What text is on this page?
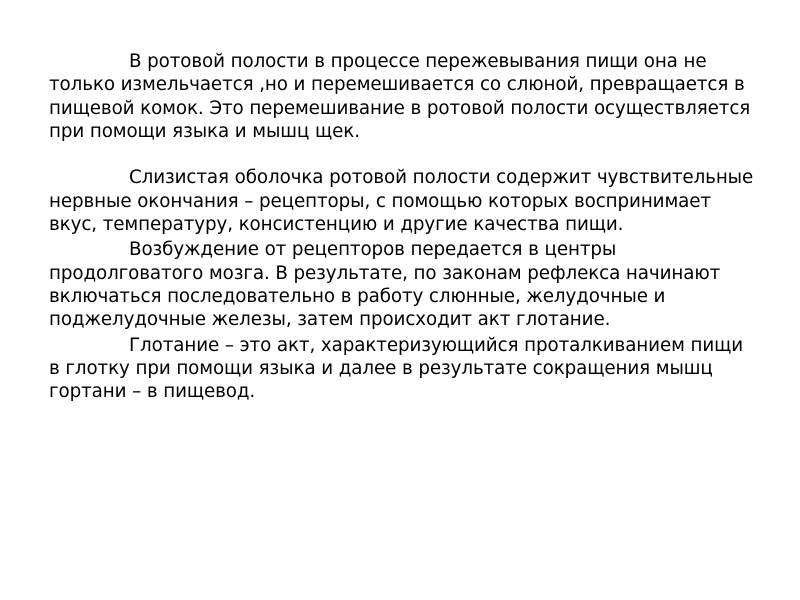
В ротовой полости в процессе пережевывания пищи она не только измельчается ,но и перемешивается со слюной, превращается в пищевой комок. Это перемешивание в ротовой полости осуществляется при помощи языка и мышц щек.

Слизистая оболочка ротовой полости содержит чувствительные нервные окончания – рецепторы, с помощью которых воспринимает вкус, температуру, консистенцию и другие качества пищи.

Возбуждение от рецепторов передается в центры продолговатого мозга. В результате, по законам рефлекса начинают включаться последовательно в работу слюнные, желудочные и поджелудочные железы, затем происходит акт глотание.

Глотание – это акт, характеризующийся проталкиванием пищи в глотку при помощи языка и далее в результате сокращения мышц гортани – в пищевод.
